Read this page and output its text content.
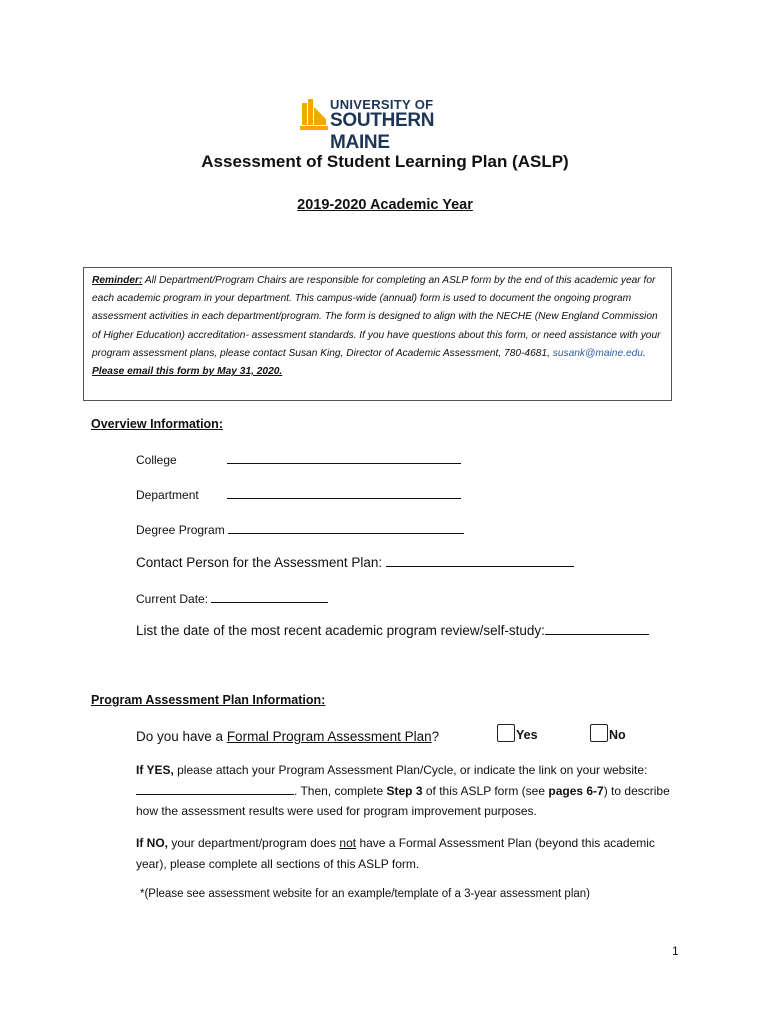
UNIVERSITY OF
SOUTHERN MAINE
Assessment of Student Learning Plan (ASLP)
2019-2020 Academic Year
Reminder: All Department/Program Chairs are responsible for completing an ASLP form by the end of this academic year for each academic program in your department. This campus-wide (annual) form is used to document the ongoing program assessment activities in each department/program. The form is designed to align with the NECHE (New England Commission of Higher Education) accreditation- assessment standards. If you have questions about this form, or need assistance with your program assessment plans, please contact Susan King, Director of Academic Assessment, 780-4681, susank@maine.edu. Please email this form by May 31, 2020.
Overview Information:
College
Department
Degree Program
Contact Person for the Assessment Plan:
Current Date:
List the date of the most recent academic program review/self-study:
Program Assessment Plan Information:
Do you have a Formal Program Assessment Plan?	Yes	No
If YES, please attach your Program Assessment Plan/Cycle, or indicate the link on your website:
. Then, complete Step 3 of this ASLP form (see pages 6-7) to describe how the assessment results were used for program improvement purposes.
If NO, your department/program does not have a Formal Assessment Plan (beyond this academic year), please complete all sections of this ASLP form.
*(Please see assessment website for an example/template of a 3-year assessment plan)
1
